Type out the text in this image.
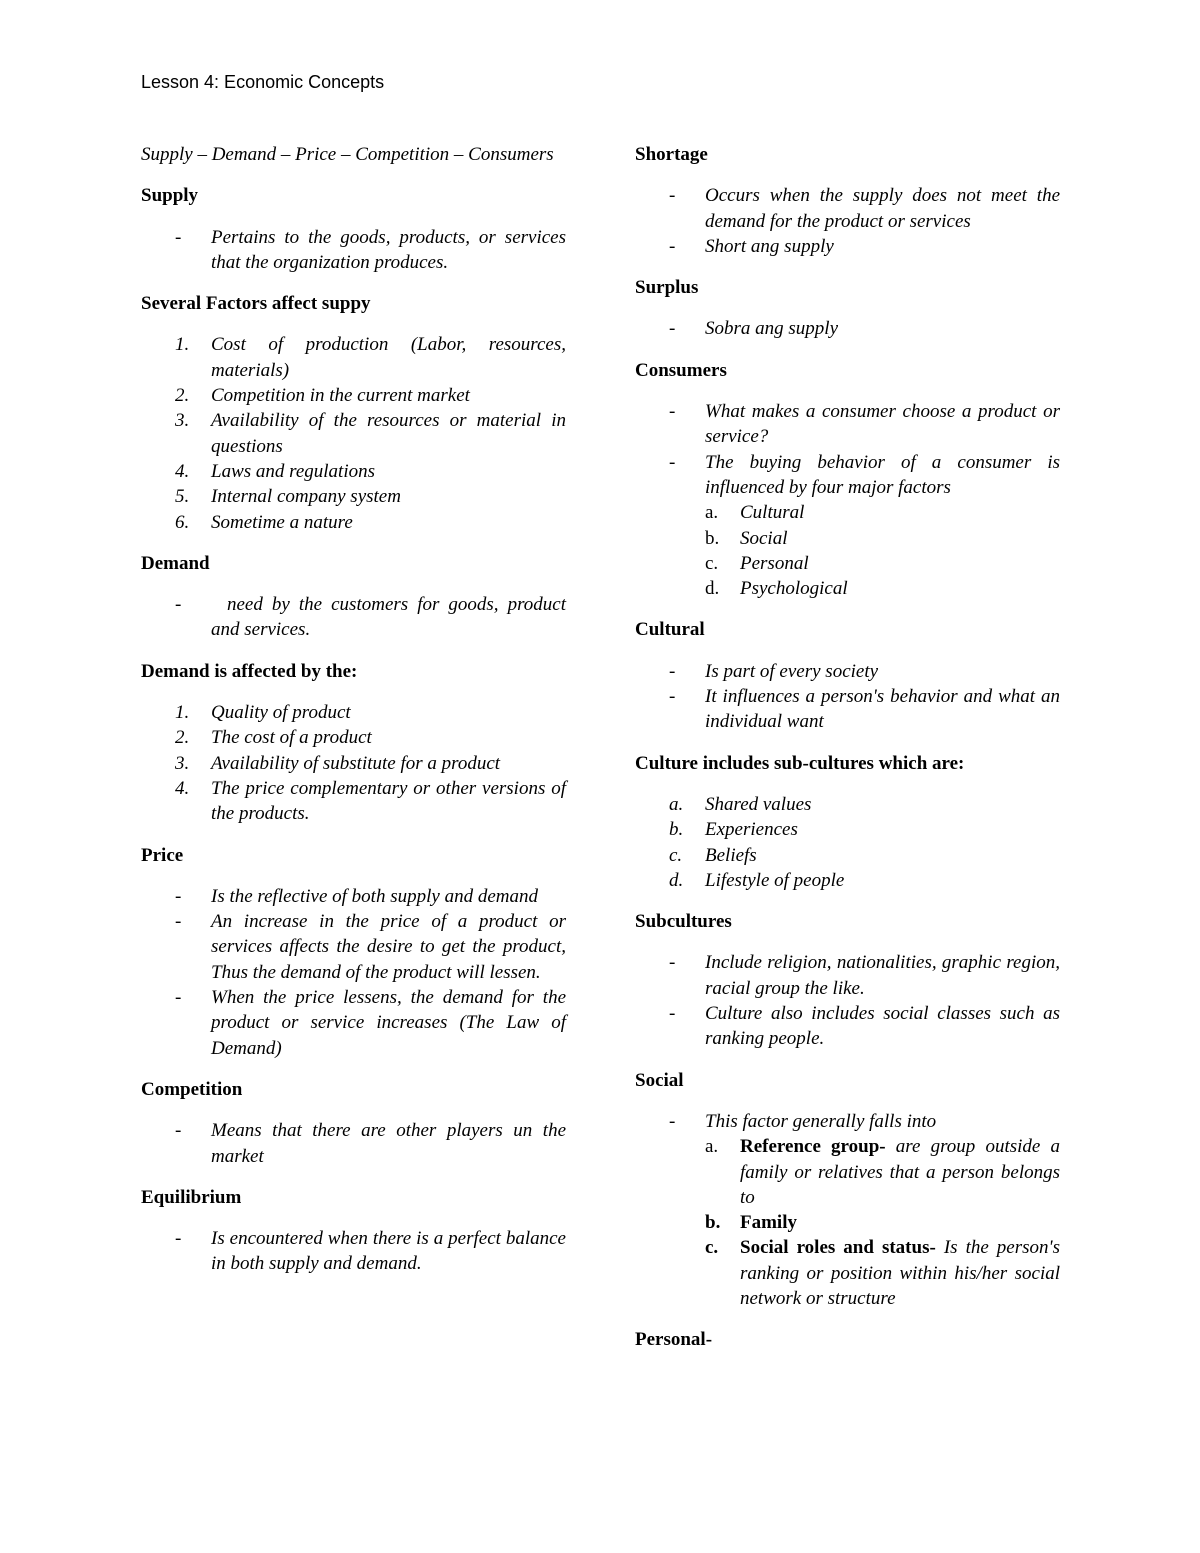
Lesson 4: Economic Concepts

Supply – Demand – Price – Competition – Consumers

Supply
- Pertains to the goods, products, or services that the organization produces.
Several Factors affect suppy
1. Cost of production (Labor, resources, materials)
2. Competition in the current market
3. Availability of the resources or material in questions
4. Laws and regulations
5. Internal company system
6. Sometime a nature
Demand
- need by the customers for goods, product and services.
Demand is affected by the:
1. Quality of product
2. The cost of a product
3. Availability of substitute for a product
4. The price complementary or other versions of the products.
Price
- Is the reflective of both supply and demand
- An increase in the price of a product or services affects the desire to get the product, Thus the demand of the product will lessen.
- When the price lessens, the demand for the product or service increases (The Law of Demand)
Competition
- Means that there are other players un the market
Equilibrium
- Is encountered when there is a perfect balance in both supply and demand.
Shortage
- Occurs when the supply does not meet the demand for the product or services
- Short ang supply
Surplus
- Sobra ang supply
Consumers
- What makes a consumer choose a product or service?
- The buying behavior of a consumer is influenced by four major factors
a. Cultural
b. Social
c. Personal
d. Psychological
Cultural
- Is part of every society
- It influences a person's behavior and what an individual want
Culture includes sub-cultures which are:
a. Shared values
b. Experiences
c. Beliefs
d. Lifestyle of people
Subcultures
- Include religion, nationalities, graphic region, racial group the like.
- Culture also includes social classes such as ranking people.
Social
- This factor generally falls into
a. Reference group- are group outside a family or relatives that a person belongs to
b. Family
c. Social roles and status- Is the person's ranking or position within his/her social network or structure
Personal-
